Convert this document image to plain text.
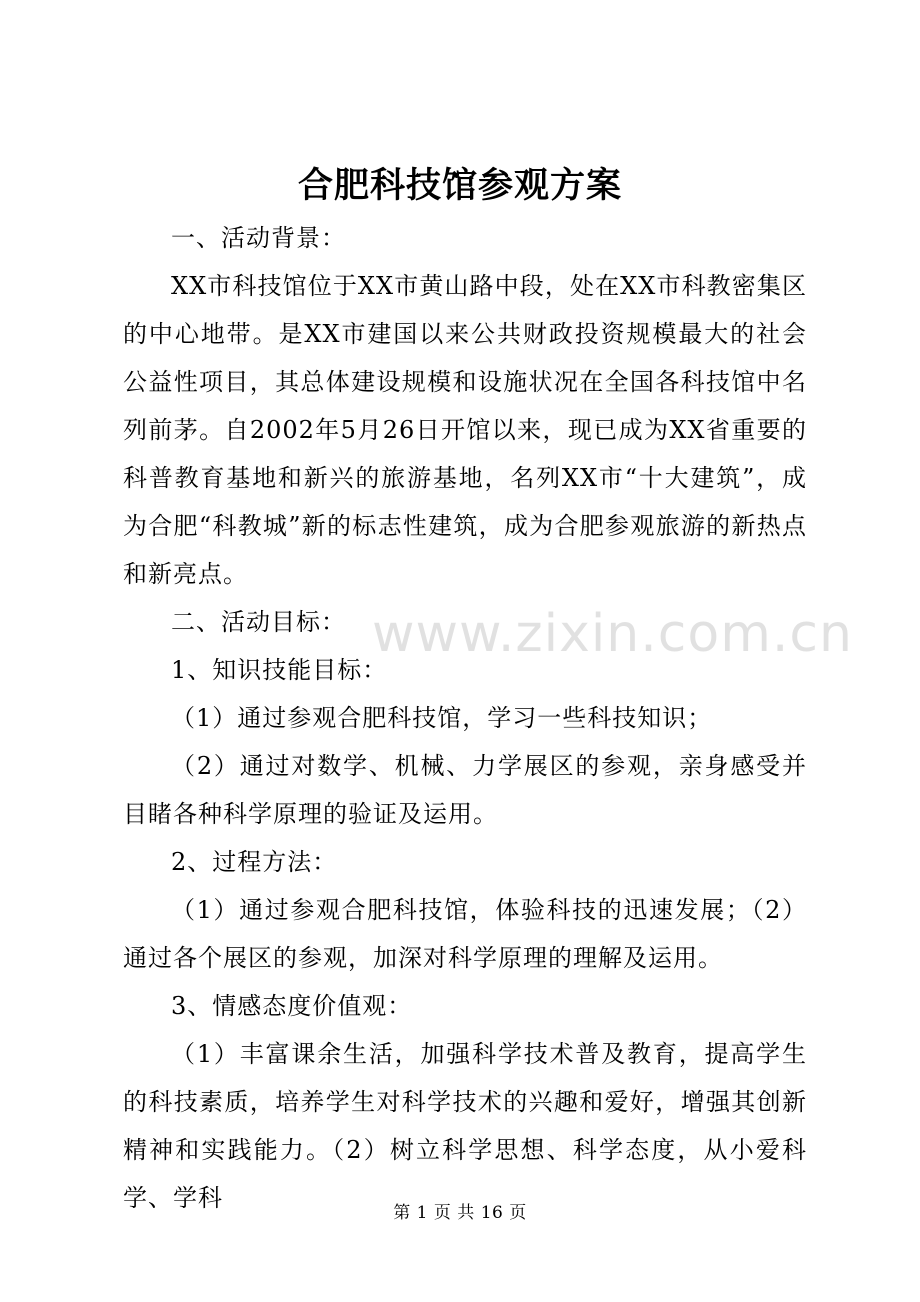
合肥科技馆参观方案

一、活动背景：

XX市科技馆位于XX市黄山路中段，处在XX市科教密集区的中心地带。是XX市建国以来公共财政投资规模最大的社会公益性项目，其总体建设规模和设施状况在全国各科技馆中名列前茅。自2002年5月26日开馆以来，现已成为XX省重要的科普教育基地和新兴的旅游基地，名列XX市“十大建筑”，成为合肥“科教城”新的标志性建筑，成为合肥参观旅游的新热点和新亮点。

二、活动目标：

1、知识技能目标：

（1）通过参观合肥科技馆，学习一些科技知识；

（2）通过对数学、机械、力学展区的参观，亲身感受并目睹各种科学原理的验证及运用。

2、过程方法：

（1）通过参观合肥科技馆，体验科技的迅速发展；（2）通过各个展区的参观，加深对科学原理的理解及运用。

3、情感态度价值观：

（1）丰富课余生活，加强科学技术普及教育，提高学生的科技素质，培养学生对科学技术的兴趣和爱好，增强其创新精神和实践能力。（2）树立科学思想、科学态度，从小爱科学、学科

www.zixin.com.cn
第 1 页 共 16 页
